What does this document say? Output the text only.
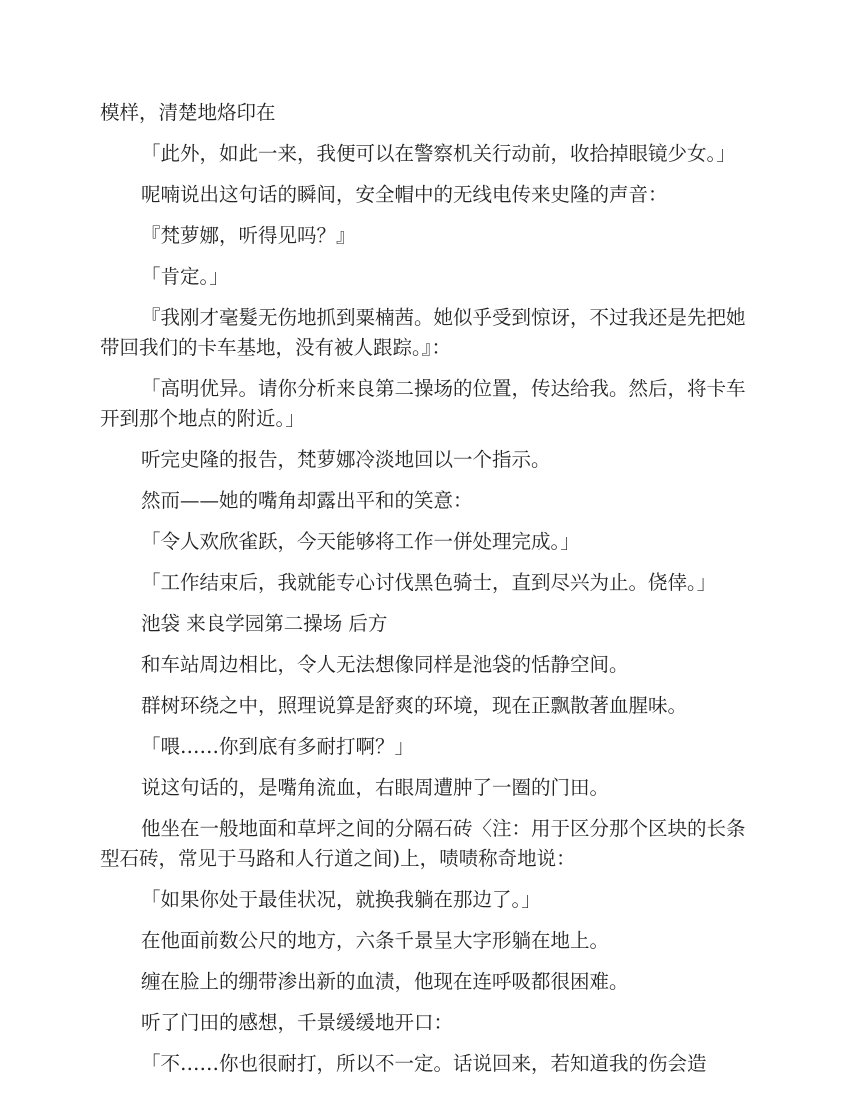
模样，清楚地烙印在

「此外，如此一来，我便可以在警察机关行动前，收拾掉眼镜少女。」

呢喃说出这句话的瞬间，安全帽中的无线电传来史隆的声音：

『梵萝娜，听得见吗？』

「肯定。」

『我刚才毫髮无伤地抓到粟楠茜。她似乎受到惊讶，不过我还是先把她带回我们的卡车基地，没有被人跟踪。』：

「高明优异。请你分析来良第二操场的位置，传达给我。然后，将卡车开到那个地点的附近。」

听完史隆的报告，梵萝娜冷淡地回以一个指示。

然而——她的嘴角却露出平和的笑意：

「令人欢欣雀跃，今天能够将工作一併处理完成。」

「工作结束后，我就能专心讨伐黑色骑士，直到尽兴为止。侥倖。」

池袋 来良学园第二操场 后方

和车站周边相比，令人无法想像同样是池袋的恬静空间。

群树环绕之中，照理说算是舒爽的环境，现在正飘散著血腥味。

「喂……你到底有多耐打啊？」

说这句话的，是嘴角流血，右眼周遭肿了一圈的门田。

他坐在一般地面和草坪之间的分隔石砖〈注：用于区分那个区块的长条型石砖，常见于马路和人行道之间)上，啧啧称奇地说：

「如果你处于最佳状况，就换我躺在那边了。」

在他面前数公尺的地方，六条千景呈大字形躺在地上。

缠在脸上的绷带渗出新的血渍，他现在连呼吸都很困难。

听了门田的感想，千景缓缓地开口：

「不……你也很耐打，所以不一定。话说回来，若知道我的伤会造
